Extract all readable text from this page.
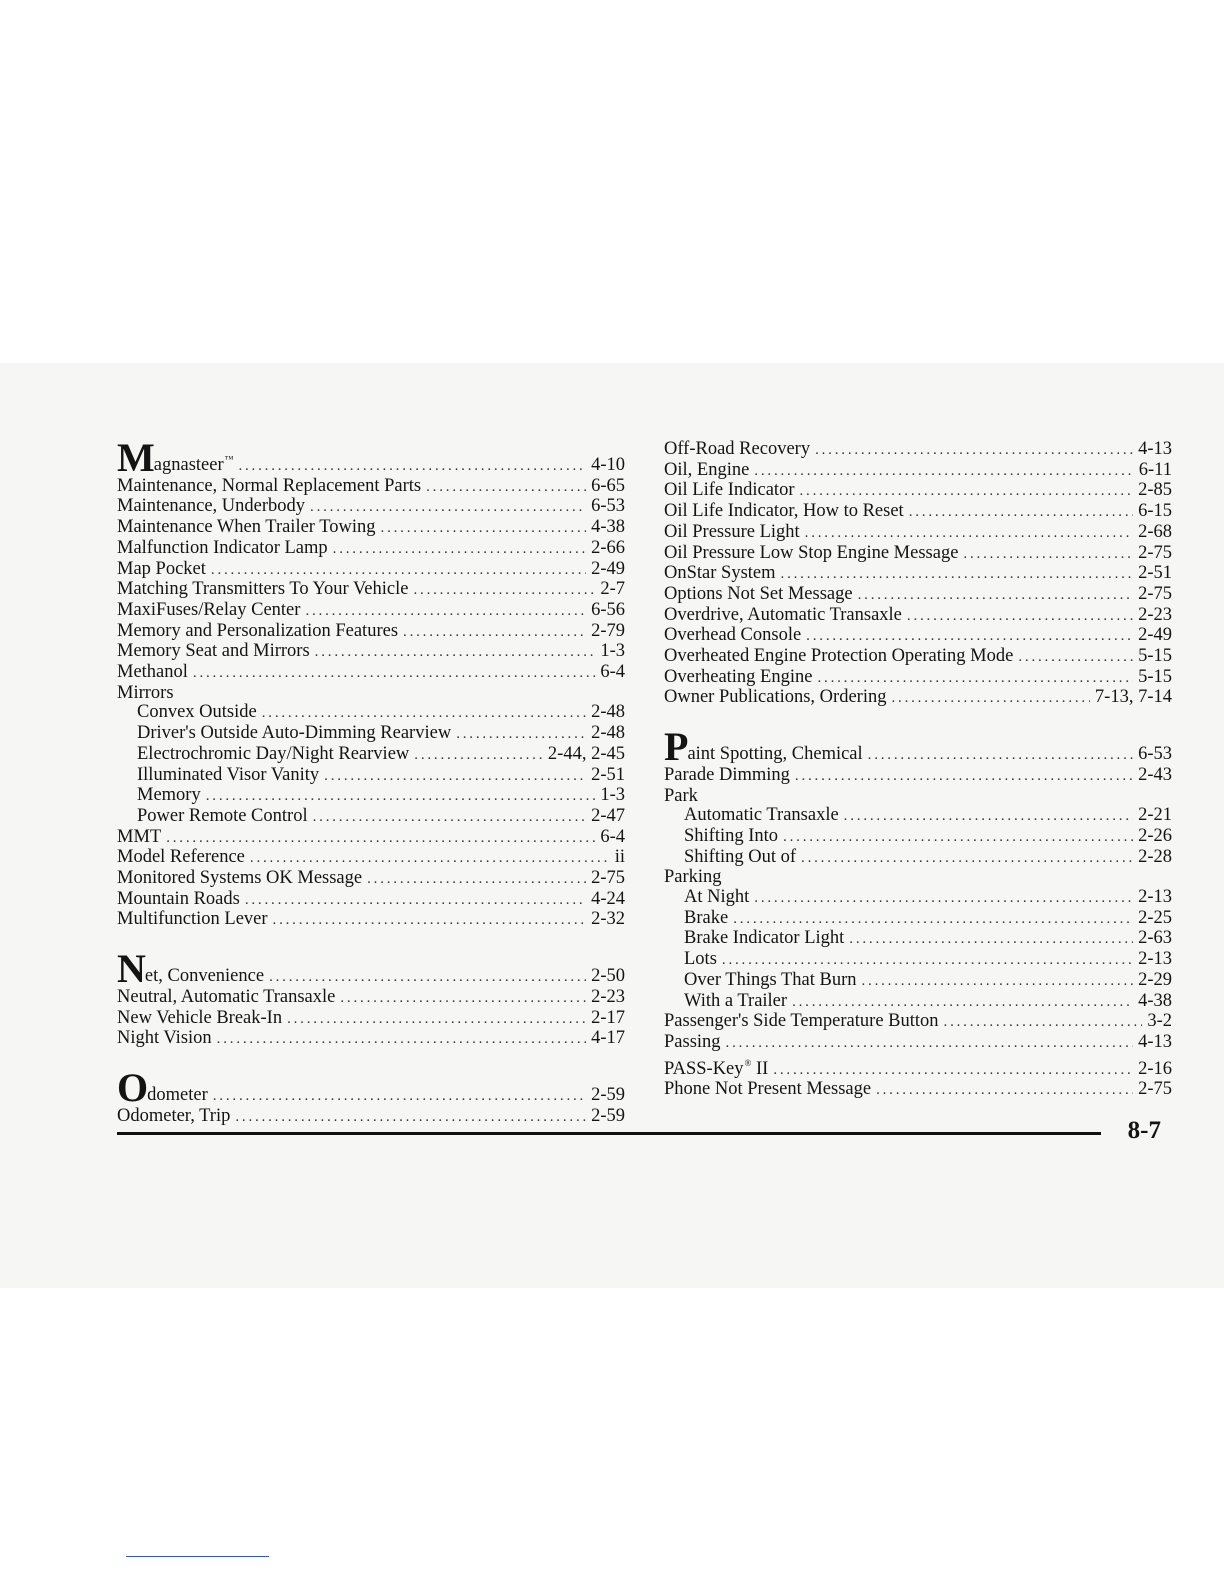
Magnasteer™ .....	4-10
Maintenance, Normal Replacement Parts .....	6-65
Maintenance, Underbody .....	6-53
Maintenance When Trailer Towing .....	4-38
Malfunction Indicator Lamp .....	2-66
Map Pocket .....	2-49
Matching Transmitters To Your Vehicle .....	2-7
MaxiFuses/Relay Center .....	6-56
Memory and Personalization Features .....	2-79
Memory Seat and Mirrors .....	1-3
Methanol .....	6-4
Mirrors
Convex Outside .....	2-48
Driver's Outside Auto-Dimming Rearview .....	2-48
Electrochromic Day/Night Rearview .....	2-44, 2-45
Illuminated Visor Vanity .....	2-51
Memory .....	1-3
Power Remote Control .....	2-47
MMT .....	6-4
Model Reference .....	ii
Monitored Systems OK Message .....	2-75
Mountain Roads .....	4-24
Multifunction Lever .....	2-32
Net, Convenience .....	2-50
Neutral, Automatic Transaxle .....	2-23
New Vehicle Break-In .....	2-17
Night Vision .....	4-17
Odometer .....	2-59
Odometer, Trip .....	2-59
Off-Road Recovery .....	4-13
Oil, Engine .....	6-11
Oil Life Indicator .....	2-85
Oil Life Indicator, How to Reset .....	6-15
Oil Pressure Light .....	2-68
Oil Pressure Low Stop Engine Message .....	2-75
OnStar System .....	2-51
Options Not Set Message .....	2-75
Overdrive, Automatic Transaxle .....	2-23
Overhead Console .....	2-49
Overheated Engine Protection Operating Mode .....	5-15
Overheating Engine .....	5-15
Owner Publications, Ordering .....	7-13, 7-14
Paint Spotting, Chemical .....	6-53
Parade Dimming .....	2-43
Park
Automatic Transaxle .....	2-21
Shifting Into .....	2-26
Shifting Out of .....	2-28
Parking
At Night .....	2-13
Brake .....	2-25
Brake Indicator Light .....	2-63
Lots .....	2-13
Over Things That Burn .....	2-29
With a Trailer .....	4-38
Passenger's Side Temperature Button .....	3-2
Passing .....	4-13
PASS-Key® II .....	2-16
Phone Not Present Message .....	2-75
8-7
